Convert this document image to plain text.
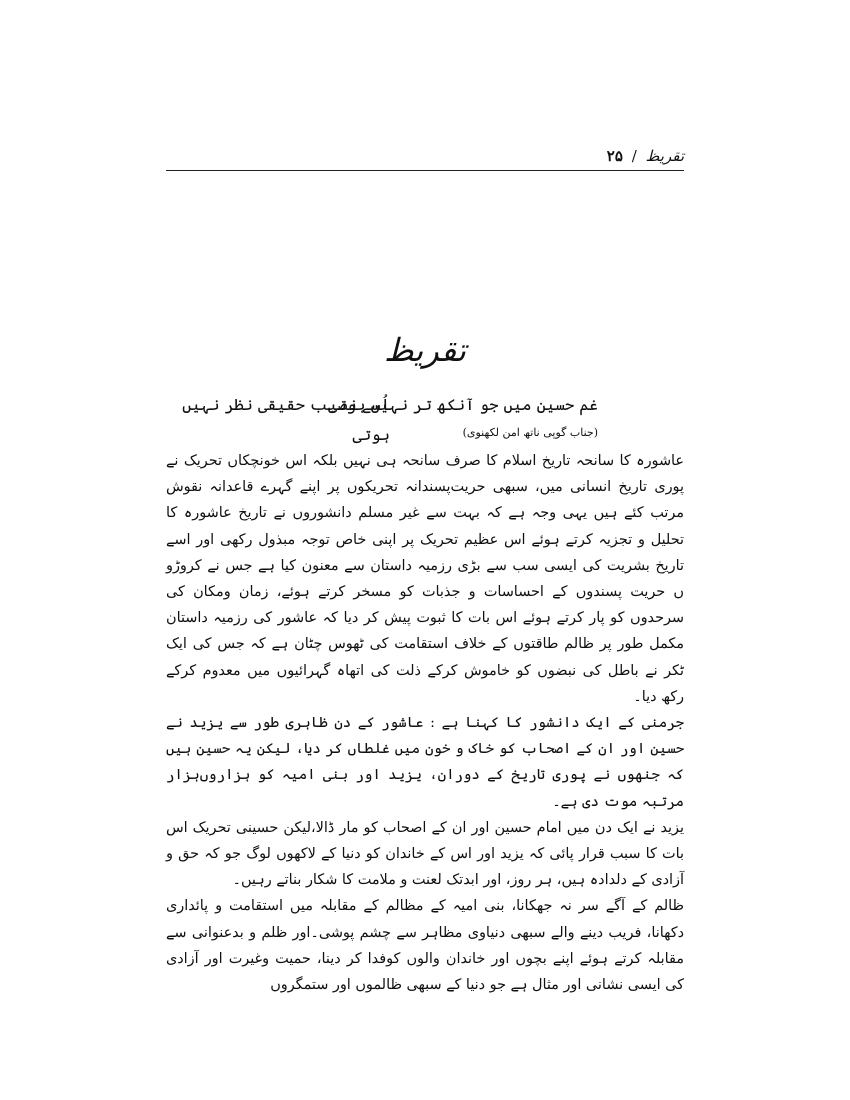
تقریظ / ۲۵
تقریظ
غم حسین میں جو آنکھ تر نہیں ہوتی
اُسے نصیب حقیقی نظر نہیں ہوتی	(جناب گوپی ناتھ امن لکھنوی)

عاشورہ کا سانحہ تاریخ اسلام کا صرف سانحہ ہی نہیں بلکہ اس خونچکاں تحریک نے پوری تاریخ انسانی میں، سبھی حریت‌پسندانہ تحریکوں پر اپنے گہرے قاعدانہ نقوش مرتب کئے ہیں یہی وجہ ہے کہ بہت سے غیر مسلم دانشوروں نے تاریخ عاشورہ کا تحلیل و تجزیہ کرتے ہوئے اس عظیم تحریک پر اپنی خاص توجہ مبذول رکھی اور اسے تاریخ بشریت کی ایسی سب سے بڑی رزمیہ داستان سے معنون کیا ہے جس نے کروڑو ں حریت پسندوں کے احساسات و جذبات کو مسخر کرتے ہوئے، زمان ومکان کی سرحدوں کو پار کرتے ہوئے اس بات کا ثبوت پیش کر دیا کہ عاشور کی رزمیہ داستان مکمل طور پر ظالم طاقتوں کے خلاف استقامت کی ٹھوس چٹان ہے کہ جس کی ایک ٹکر نے باطل کی نبضوں کو خاموش کرکے ذلت کی اتھاہ گہرائیوں میں معدوم کرکے رکھ دیا۔

جرمنی کے ایک دانشور کا کہنا ہے : عاشور کے دن ظاہری طور سے یزید نے حسین اور ان کے اصحاب کو خاک و خون میں غلطاں کر دیا، لیکن یہ حسین ہیں کہ جنھوں نے پوری تاریخ کے دوران، یزید اور بنی امیہ کو ہزاروں‌ہزار مرتبہ موت دی ہے۔

یزید نے ایک دن میں امام حسین اور ان کے اصحاب کو مار ڈالا،لیکن حسینی تحریک اس بات کا سبب قرار پائی کہ یزید اور اس کے خاندان کو دنیا کے لاکھوں لوگ جو کہ حق و آزادی کے دلدادہ ہیں، ہر روز، اور ابدتک لعنت و ملامت کا شکار بناتے رہیں۔

ظالم کے آگے سر نہ جھکانا، بنی امیہ کے مظالم کے مقابلہ میں استقامت و پائداری دکھانا، فریب دینے والے سبھی دنیاوی مظاہر سے چشم پوشی۔اور ظلم و بدعنوانی سے مقابلہ کرتے ہوئے اپنے بچوں اور خاندان والوں کوفدا کر دینا، حمیت وغیرت اور آزادی کی ایسی نشانی اور مثال ہے جو دنیا کے سبھی ظالموں اور ستمگروں
